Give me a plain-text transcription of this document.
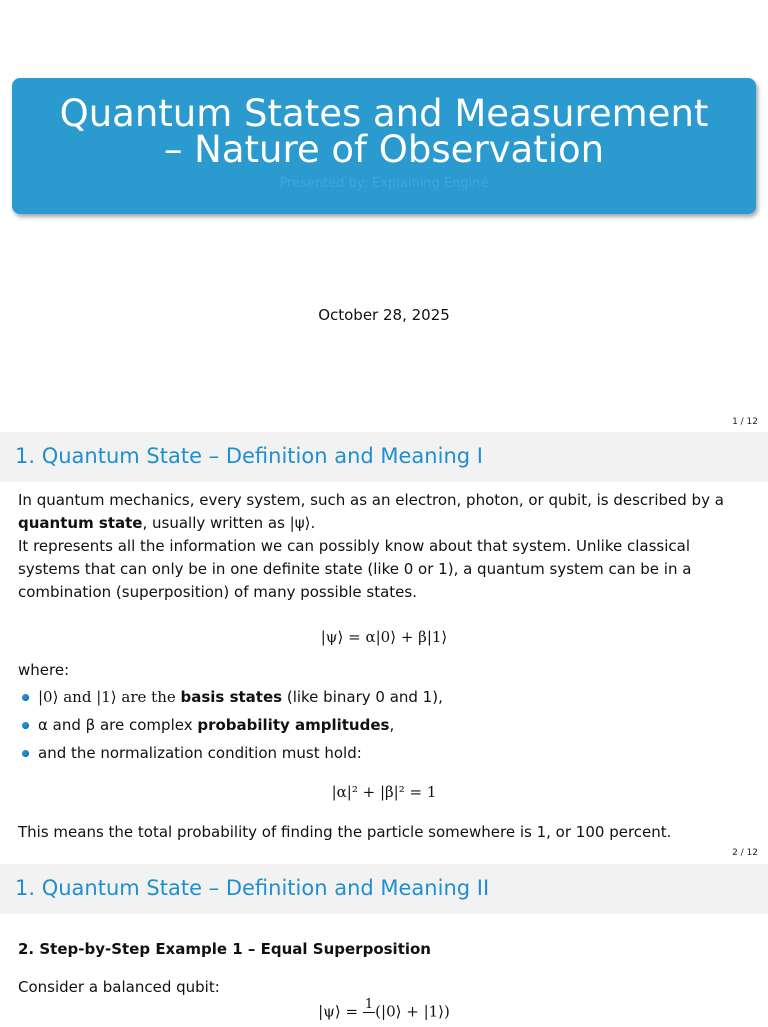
Quantum States and Measurement
– Nature of Observation
Presented by: Explaining Engine
October 28, 2025
1 / 12
1. Quantum State – Definition and Meaning I
In quantum mechanics, every system, such as an electron, photon, or qubit, is described by a quantum state, usually written as |ψ⟩.
It represents all the information we can possibly know about that system. Unlike classical systems that can only be in one definite state (like 0 or 1), a quantum system can be in a combination (superposition) of many possible states.
|ψ⟩ = α|0⟩ + β|1⟩
where:
|0⟩ and |1⟩ are the basis states (like binary 0 and 1),
α and β are complex probability amplitudes,
and the normalization condition must hold:
|α|² + |β|² = 1
This means the total probability of finding the particle somewhere is 1, or 100 percent.
2 / 12
1. Quantum State – Definition and Meaning II
2. Step-by-Step Example 1 – Equal Superposition
Consider a balanced qubit:
|ψ⟩ = 1 (|0⟩ + |1⟩)
